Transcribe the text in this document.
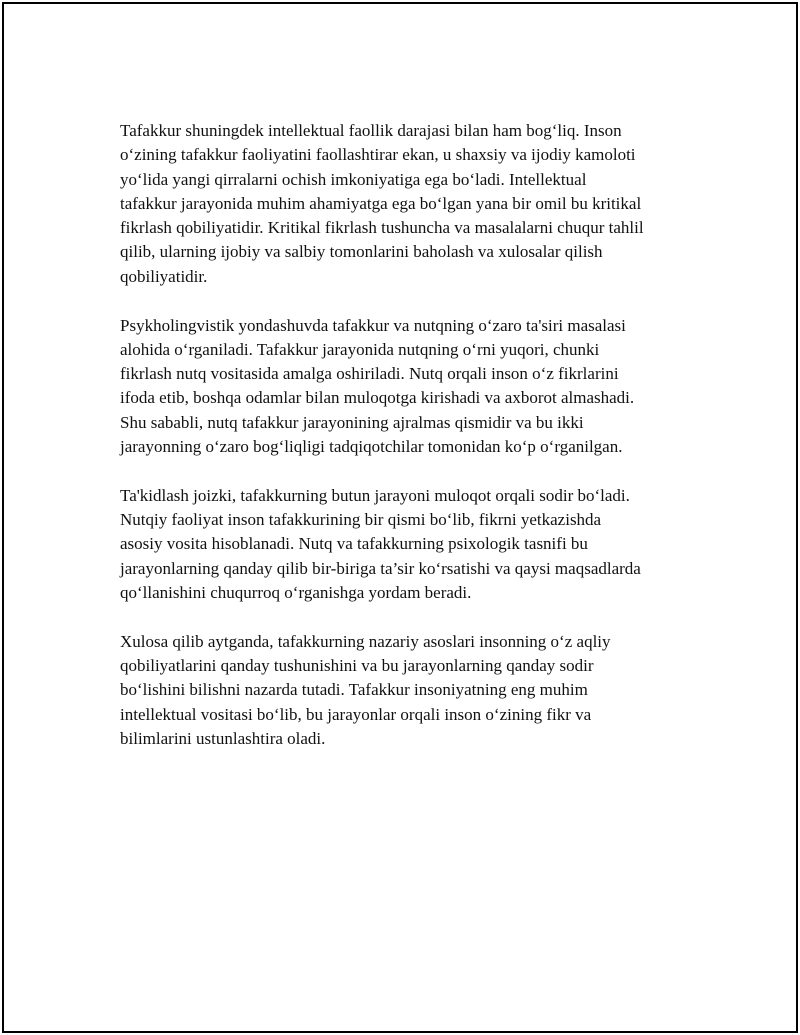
Tafakkur shuningdek intellektual faollik darajasi bilan ham bog‘liq. Inson
o‘zining tafakkur faoliyatini faollashtirar ekan, u shaxsiy va ijodiy kamoloti
yo‘lida yangi qirralarni ochish imkoniyatiga ega bo‘ladi. Intellektual
tafakkur jarayonida muhim ahamiyatga ega bo‘lgan yana bir omil bu kritikal
fikrlash qobiliyatidir. Kritikal fikrlash tushuncha va masalalarni chuqur tahlil
qilib, ularning ijobiy va salbiy tomonlarini baholash va xulosalar qilish
qobiliyatidir.

Psykholingvistik yondashuvda tafakkur va nutqning o‘zaro ta'siri masalasi
alohida o‘rganiladi. Tafakkur jarayonida nutqning o‘rni yuqori, chunki
fikrlash nutq vositasida amalga oshiriladi. Nutq orqali inson o‘z fikrlarini
ifoda etib, boshqa odamlar bilan muloqotga kirishadi va axborot almashadi.
Shu sababli, nutq tafakkur jarayonining ajralmas qismidir va bu ikki
jarayonning o‘zaro bog‘liqligi tadqiqotchilar tomonidan ko‘p o‘rganilgan.

Ta'kidlash joizki, tafakkurning butun jarayoni muloqot orqali sodir bo‘ladi.
Nutqiy faoliyat inson tafakkurining bir qismi bo‘lib, fikrni yetkazishda
asosiy vosita hisoblanadi. Nutq va tafakkurning psixologik tasnifi bu
jarayonlarning qanday qilib bir-biriga ta’sir ko‘rsatishi va qaysi maqsadlarda
qo‘llanishini chuqurroq o‘rganishga yordam beradi.

Xulosa qilib aytganda, tafakkurning nazariy asoslari insonning o‘z aqliy
qobiliyatlarini qanday tushunishini va bu jarayonlarning qanday sodir
bo‘lishini bilishni nazarda tutadi. Tafakkur insoniyatning eng muhim
intellektual vositasi bo‘lib, bu jarayonlar orqali inson o‘zining fikr va
bilimlarini ustunlashtira oladi.
